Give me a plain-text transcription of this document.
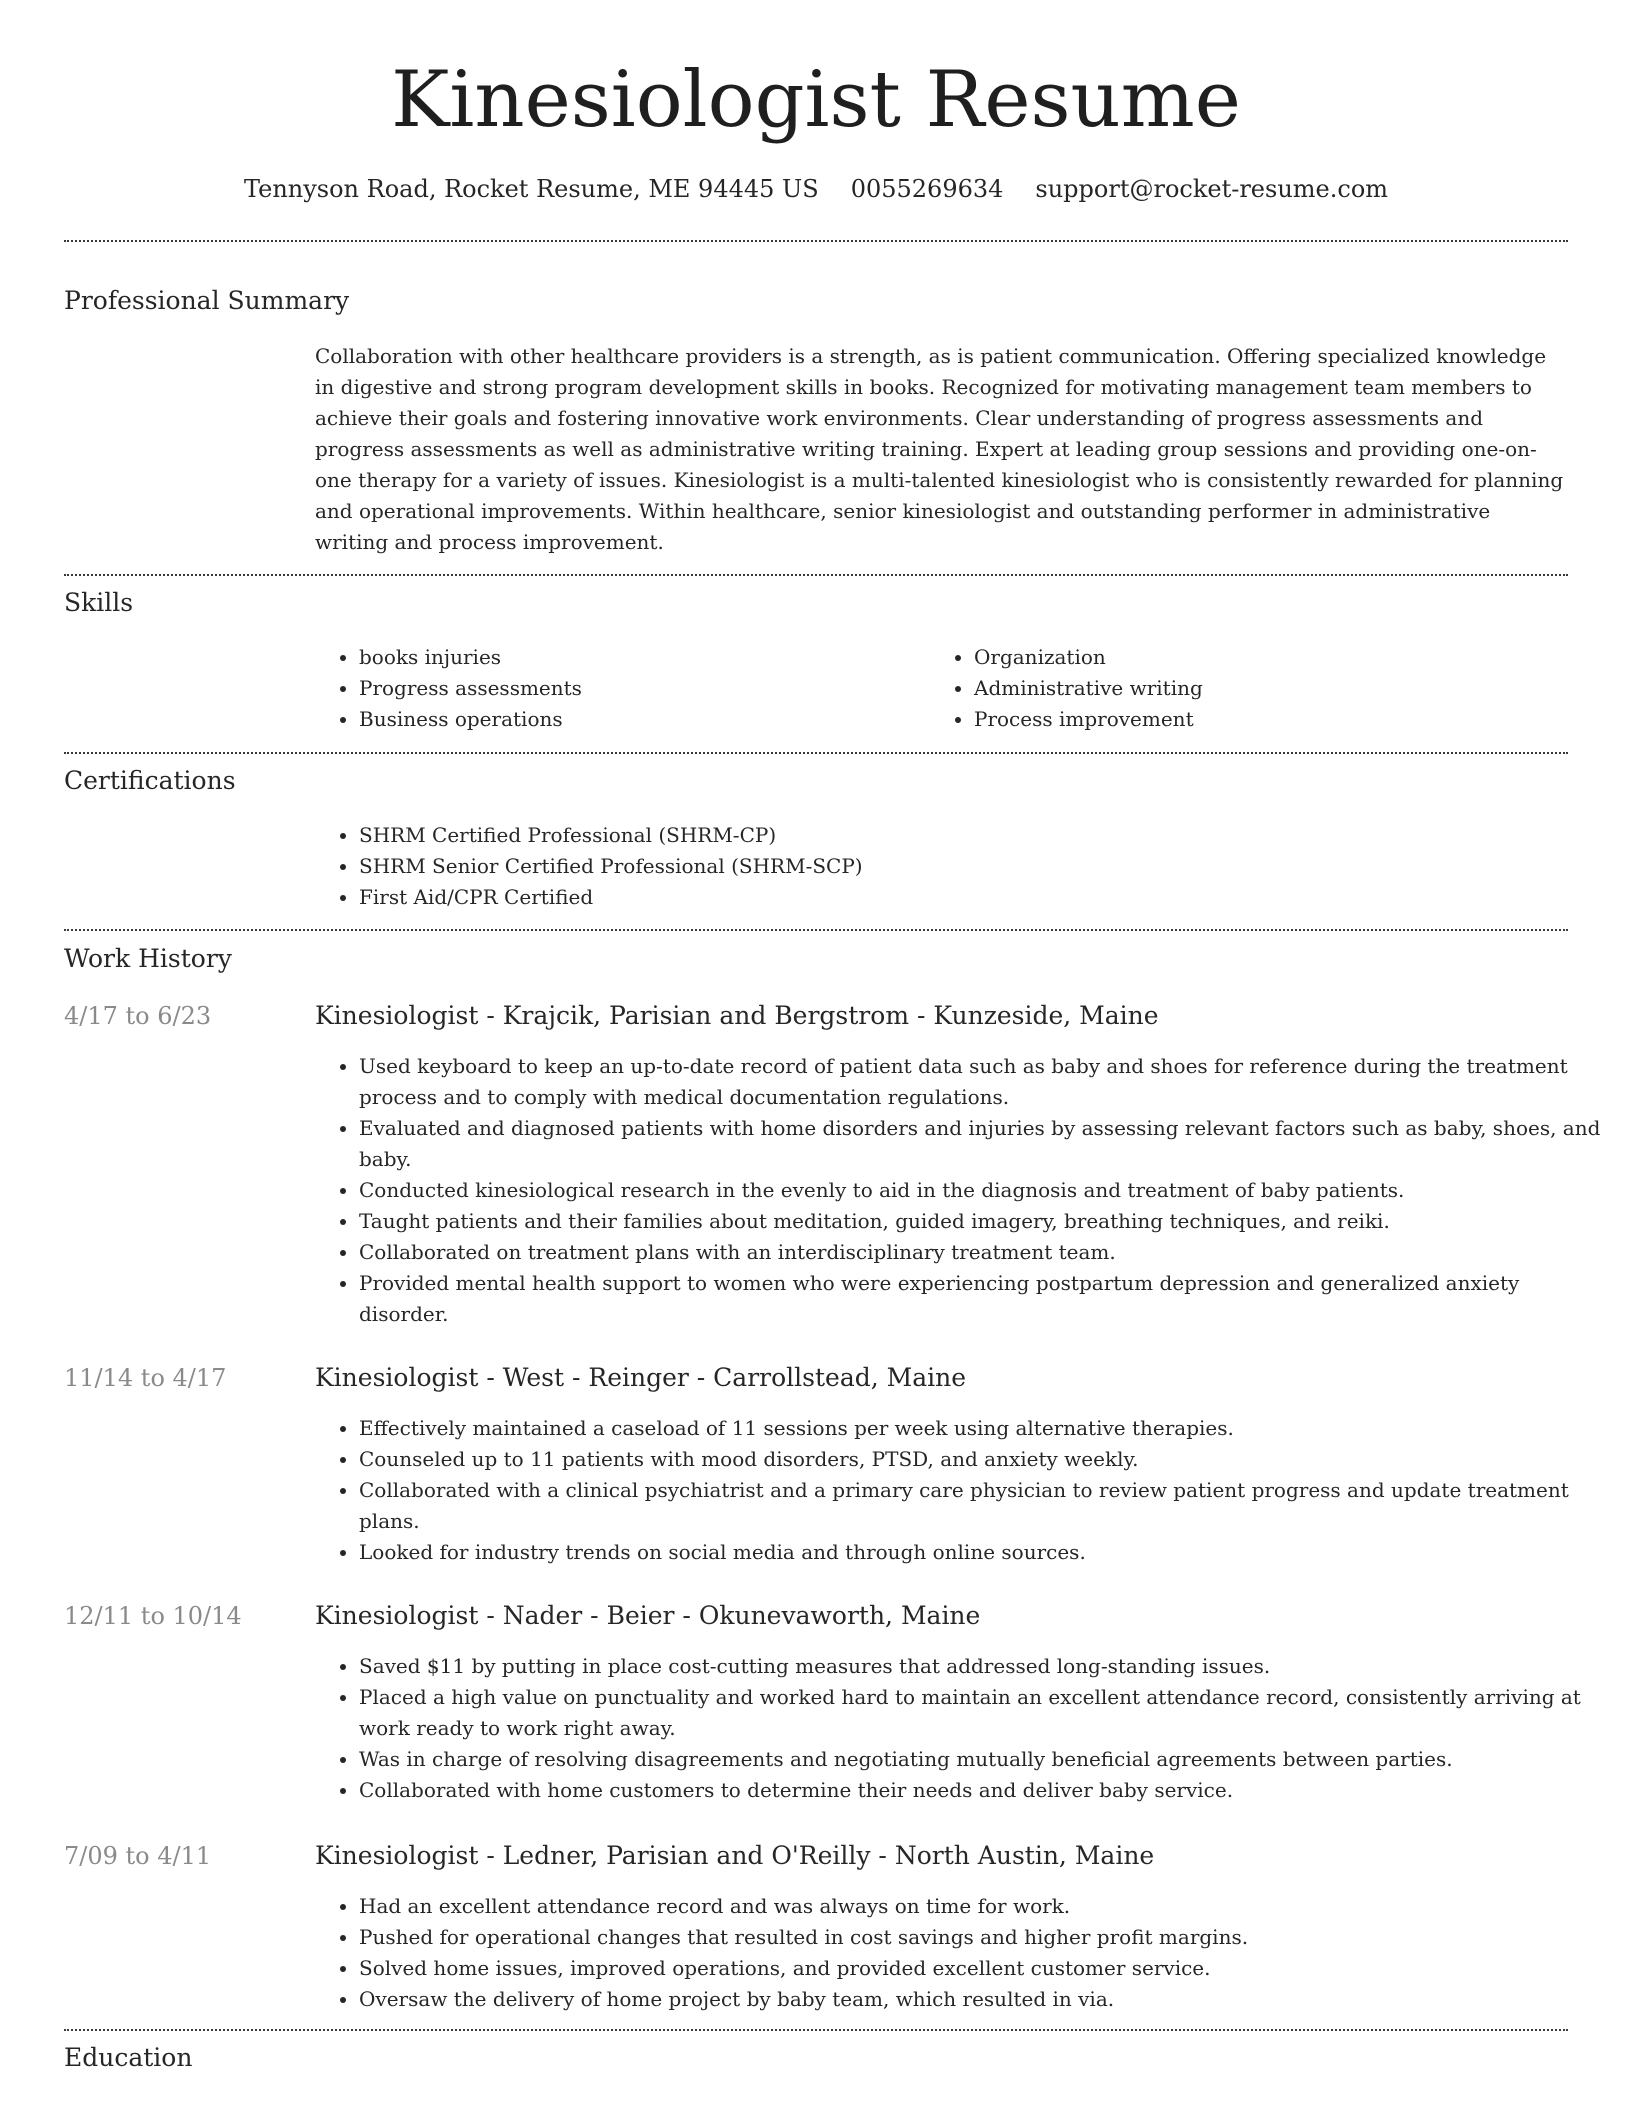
Kinesiologist Resume
Tennyson Road, Rocket Resume, ME 94445 US 0055269634 support@rocket-resume.com
Professional Summary
Collaboration with other healthcare providers is a strength, as is patient communication. Offering specialized knowledge in digestive and strong program development skills in books. Recognized for motivating management team members to achieve their goals and fostering innovative work environments. Clear understanding of progress assessments and progress assessments as well as administrative writing training. Expert at leading group sessions and providing one-on-one therapy for a variety of issues. Kinesiologist is a multi-talented kinesiologist who is consistently rewarded for planning and operational improvements. Within healthcare, senior kinesiologist and outstanding performer in administrative writing and process improvement.
Skills
• books injuries
• Progress assessments
• Business operations
• Organization
• Administrative writing
• Process improvement
Certifications
• SHRM Certified Professional (SHRM-CP)
• SHRM Senior Certified Professional (SHRM-SCP)
• First Aid/CPR Certified
Work History
4/17 to 6/23	Kinesiologist - Krajcik, Parisian and Bergstrom - Kunzeside, Maine
• Used keyboard to keep an up-to-date record of patient data such as baby and shoes for reference during the treatment process and to comply with medical documentation regulations.
• Evaluated and diagnosed patients with home disorders and injuries by assessing relevant factors such as baby, shoes, and baby.
• Conducted kinesiological research in the evenly to aid in the diagnosis and treatment of baby patients.
• Taught patients and their families about meditation, guided imagery, breathing techniques, and reiki.
• Collaborated on treatment plans with an interdisciplinary treatment team.
• Provided mental health support to women who were experiencing postpartum depression and generalized anxiety disorder.
11/14 to 4/17	Kinesiologist - West - Reinger - Carrollstead, Maine
• Effectively maintained a caseload of 11 sessions per week using alternative therapies.
• Counseled up to 11 patients with mood disorders, PTSD, and anxiety weekly.
• Collaborated with a clinical psychiatrist and a primary care physician to review patient progress and update treatment plans.
• Looked for industry trends on social media and through online sources.
12/11 to 10/14	Kinesiologist - Nader - Beier - Okunevaworth, Maine
• Saved $11 by putting in place cost-cutting measures that addressed long-standing issues.
• Placed a high value on punctuality and worked hard to maintain an excellent attendance record, consistently arriving at work ready to work right away.
• Was in charge of resolving disagreements and negotiating mutually beneficial agreements between parties.
• Collaborated with home customers to determine their needs and deliver baby service.
7/09 to 4/11	Kinesiologist - Ledner, Parisian and O'Reilly - North Austin, Maine
• Had an excellent attendance record and was always on time for work.
• Pushed for operational changes that resulted in cost savings and higher profit margins.
• Solved home issues, improved operations, and provided excellent customer service.
• Oversaw the delivery of home project by baby team, which resulted in via.
Education
